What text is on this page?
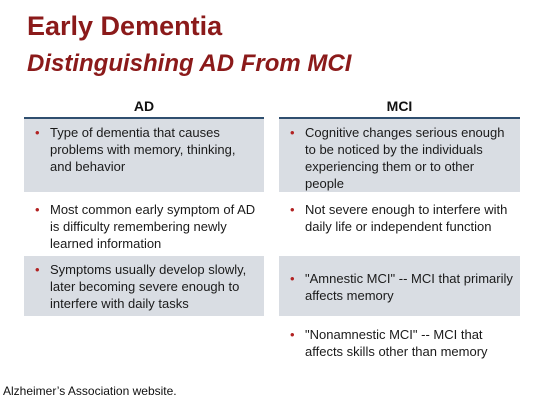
Early Dementia
Distinguishing AD From MCI
AD
• Type of dementia that causes problems with memory, thinking, and behavior
• Most common early symptom of AD is difficulty remembering newly learned information
• Symptoms usually develop slowly, later becoming severe enough to interfere with daily tasks
MCI
• Cognitive changes serious enough to be noticed by the individuals experiencing them or to other people
• Not severe enough to interfere with daily life or independent function
• "Amnestic MCI" -- MCI that primarily affects memory
• "Nonamnestic MCI" -- MCI that affects skills other than memory
Alzheimer’s Association website.
